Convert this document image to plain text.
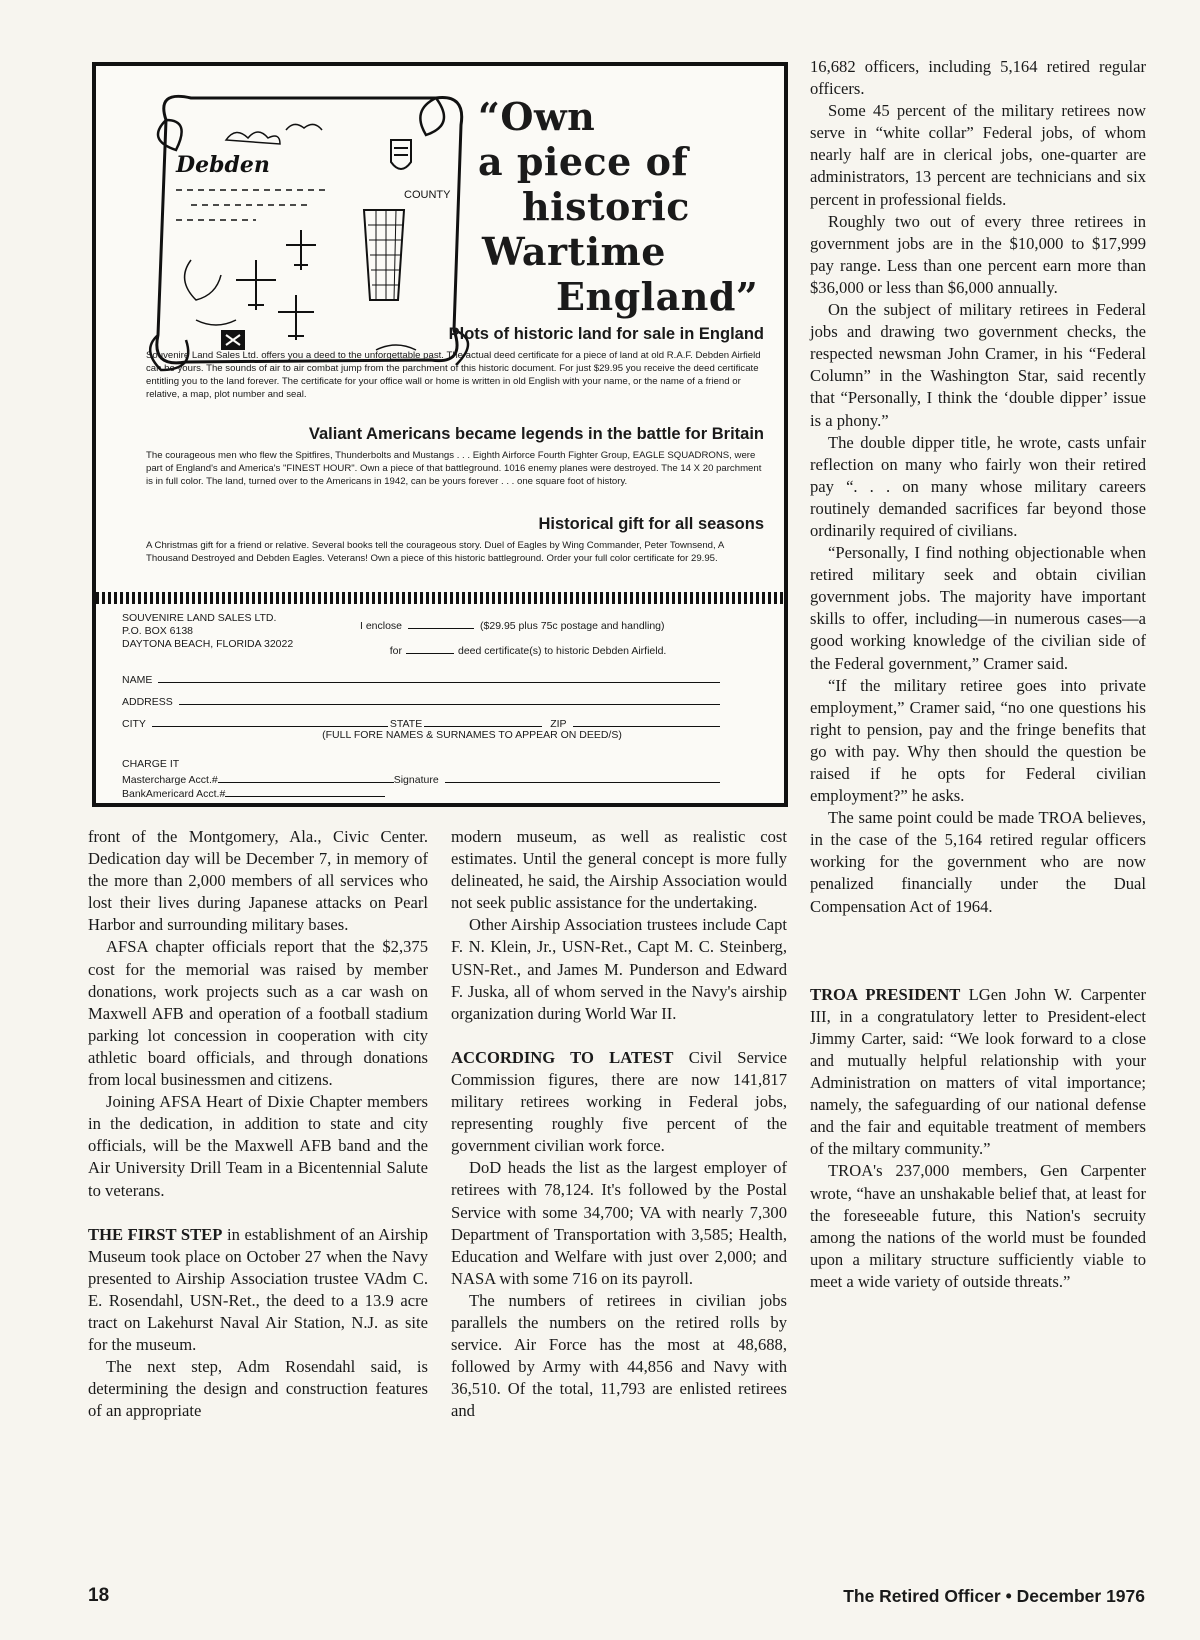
Debden
COUNTY
“Own
a piece of
historic
Wartime
England”
Plots of historic land for sale in England
Souvenire Land Sales Ltd. offers you a deed to the unforgettable past. The actual deed certificate for a piece of land at old R.A.F. Debden Airfield can be yours. The sounds of air to air combat jump from the parchment of this historic document. For just $29.95 you receive the deed certificate entitling you to the land forever. The certificate for your office wall or home is written in old English with your name, or the name of a friend or relative, a map, plot number and seal.
Valiant Americans became legends in the battle for Britain
The courageous men who flew the Spitfires, Thunderbolts and Mustangs . . . Eighth Airforce Fourth Fighter Group, EAGLE SQUADRONS, were part of England's and America's "FINEST HOUR". Own a piece of that battleground. 1016 enemy planes were destroyed. The 14 X 20 parchment is in full color. The land, turned over to the Americans in 1942, can be yours forever . . . one square foot of history.
Historical gift for all seasons
A Christmas gift for a friend or relative. Several books tell the courageous story. Duel of Eagles by Wing Commander, Peter Townsend, A Thousand Destroyed and Debden Eagles. Veterans! Own a piece of this historic battleground. Order your full color certificate for 29.95.
SOUVENIRE LAND SALES LTD.
P.O. BOX 6138
DAYTONA BEACH, FLORIDA 32022
I enclose	($29.95 plus 75c postage and handling)
for	deed certificate(s) to historic Debden Airfield.
NAME
ADDRESS
CITY	STATE	ZIP
(FULL FORE NAMES & SURNAMES TO APPEAR ON DEED/S)
CHARGE IT
Mastercharge Acct.#	Signature
BankAmericard Acct.#

front of the Montgomery, Ala., Civic Center. Dedication day will be December 7, in memory of the more than 2,000 members of all services who lost their lives during Japanese attacks on Pearl Harbor and surrounding military bases.

AFSA chapter officials report that the $2,375 cost for the memorial was raised by member donations, work projects such as a car wash on Maxwell AFB and operation of a football stadium parking lot concession in cooperation with city athletic board officials, and through donations from local businessmen and citizens.

Joining AFSA Heart of Dixie Chapter members in the dedication, in addition to state and city officials, will be the Maxwell AFB band and the Air University Drill Team in a Bicentennial Salute to veterans.

THE FIRST STEP in establishment of an Airship Museum took place on October 27 when the Navy presented to Airship Association trustee VAdm C. E. Rosendahl, USN-Ret., the deed to a 13.9 acre tract on Lakehurst Naval Air Station, N.J. as site for the museum.

The next step, Adm Rosendahl said, is determining the design and construction features of an appropriate

modern museum, as well as realistic cost estimates. Until the general concept is more fully delineated, he said, the Airship Association would not seek public assistance for the undertaking.

Other Airship Association trustees include Capt F. N. Klein, Jr., USN-Ret., Capt M. C. Steinberg, USN-Ret., and James M. Punderson and Edward F. Juska, all of whom served in the Navy's airship organization during World War II.

ACCORDING TO LATEST Civil Service Commission figures, there are now 141,817 military retirees working in Federal jobs, representing roughly five percent of the government civilian work force.

DoD heads the list as the largest employer of retirees with 78,124. It's followed by the Postal Service with some 34,700; VA with nearly 7,300 Department of Transportation with 3,585; Health, Education and Welfare with just over 2,000; and NASA with some 716 on its payroll.

The numbers of retirees in civilian jobs parallels the numbers on the retired rolls by service. Air Force has the most at 48,688, followed by Army with 44,856 and Navy with 36,510. Of the total, 11,793 are enlisted retirees and

16,682 officers, including 5,164 retired regular officers.

Some 45 percent of the military retirees now serve in “white collar” Federal jobs, of whom nearly half are in clerical jobs, one-quarter are administrators, 13 percent are technicians and six percent in professional fields.

Roughly two out of every three retirees in government jobs are in the $10,000 to $17,999 pay range. Less than one percent earn more than $36,000 or less than $6,000 annually.

On the subject of military retirees in Federal jobs and drawing two government checks, the respected newsman John Cramer, in his “Federal Column” in the Washington Star, said recently that “Personally, I think the ‘double dipper’ issue is a phony.”

The double dipper title, he wrote, casts unfair reflection on many who fairly won their retired pay “. . . on many whose military careers routinely demanded sacrifices far beyond those ordinarily required of civilians.

“Personally, I find nothing objectionable when retired military seek and obtain civilian government jobs. The majority have important skills to offer, including—in numerous cases—a good working knowledge of the civilian side of the Federal government,” Cramer said.

“If the military retiree goes into private employment,” Cramer said, “no one questions his right to pension, pay and the fringe benefits that go with pay. Why then should the question be raised if he opts for Federal civilian employment?” he asks.

The same point could be made TROA believes, in the case of the 5,164 retired regular officers working for the government who are now penalized financially under the Dual Compensation Act of 1964.

TROA PRESIDENT LGen John W. Carpenter III, in a congratulatory letter to President-elect Jimmy Carter, said: “We look forward to a close and mutually helpful relationship with your Administration on matters of vital importance; namely, the safeguarding of our national defense and the fair and equitable treatment of members of the miltary community.”

TROA's 237,000 members, Gen Carpenter wrote, “have an unshakable belief that, at least for the foreseeable future, this Nation's secruity among the nations of the world must be founded upon a military structure sufficiently viable to meet a wide variety of outside threats.”

18	The Retired Officer • December 1976
